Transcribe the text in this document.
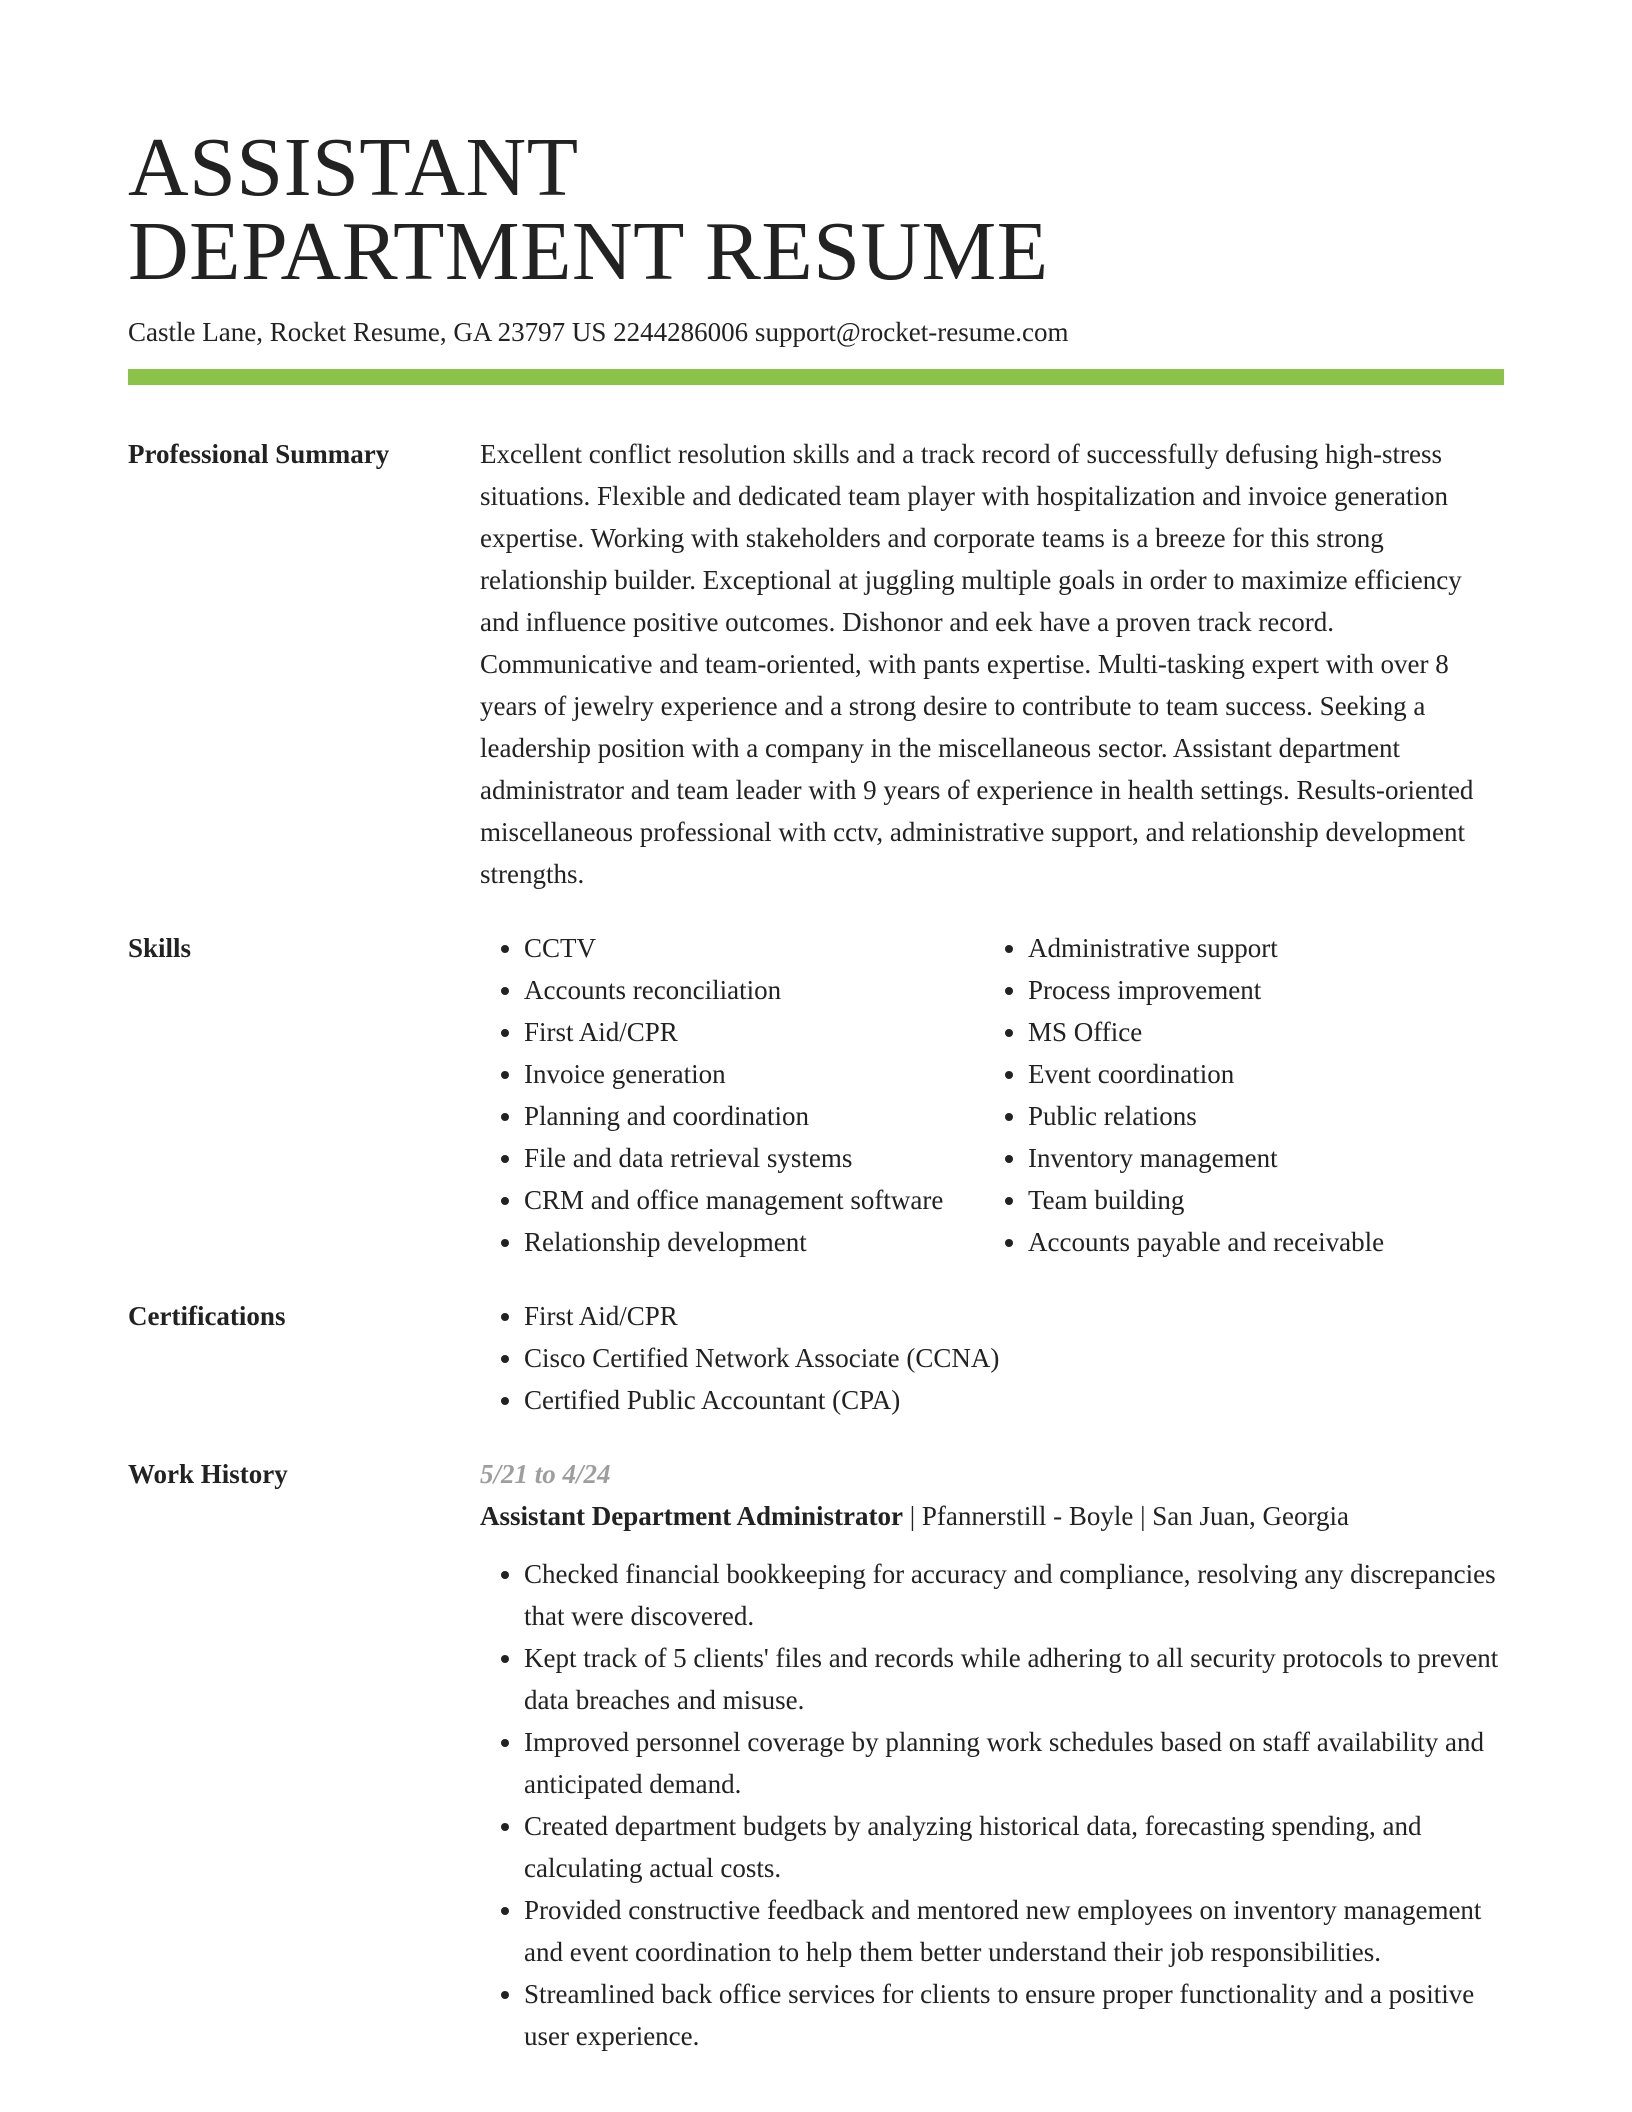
ASSISTANT
DEPARTMENT RESUME
Castle Lane, Rocket Resume, GA 23797 US 2244286006 support@rocket-resume.com
Professional Summary	Excellent conflict resolution skills and a track record of successfully defusing high-stress situations. Flexible and dedicated team player with hospitalization and invoice generation expertise. Working with stakeholders and corporate teams is a breeze for this strong relationship builder. Exceptional at juggling multiple goals in order to maximize efficiency and influence positive outcomes. Dishonor and eek have a proven track record. Communicative and team-oriented, with pants expertise. Multi-tasking expert with over 8 years of jewelry experience and a strong desire to contribute to team success. Seeking a leadership position with a company in the miscellaneous sector. Assistant department administrator and team leader with 9 years of experience in health settings. Results-oriented miscellaneous professional with cctv, administrative support, and relationship development strengths.

Skills	• CCTV
• Accounts reconciliation
• First Aid/CPR
• Invoice generation
• Planning and coordination
• File and data retrieval systems
• CRM and office management software
• Relationship development
• Administrative support
• Process improvement
• MS Office
• Event coordination
• Public relations
• Inventory management
• Team building
• Accounts payable and receivable
Certifications	• First Aid/CPR
• Cisco Certified Network Associate (CCNA)
• Certified Public Accountant (CPA)
Work History	5/21 to 4/24
Assistant Department Administrator | Pfannerstill - Boyle | San Juan, Georgia
• Checked financial bookkeeping for accuracy and compliance, resolving any discrepancies that were discovered.
• Kept track of 5 clients' files and records while adhering to all security protocols to prevent data breaches and misuse.
• Improved personnel coverage by planning work schedules based on staff availability and anticipated demand.
• Created department budgets by analyzing historical data, forecasting spending, and calculating actual costs.
• Provided constructive feedback and mentored new employees on inventory management and event coordination to help them better understand their job responsibilities.
• Streamlined back office services for clients to ensure proper functionality and a positive user experience.
